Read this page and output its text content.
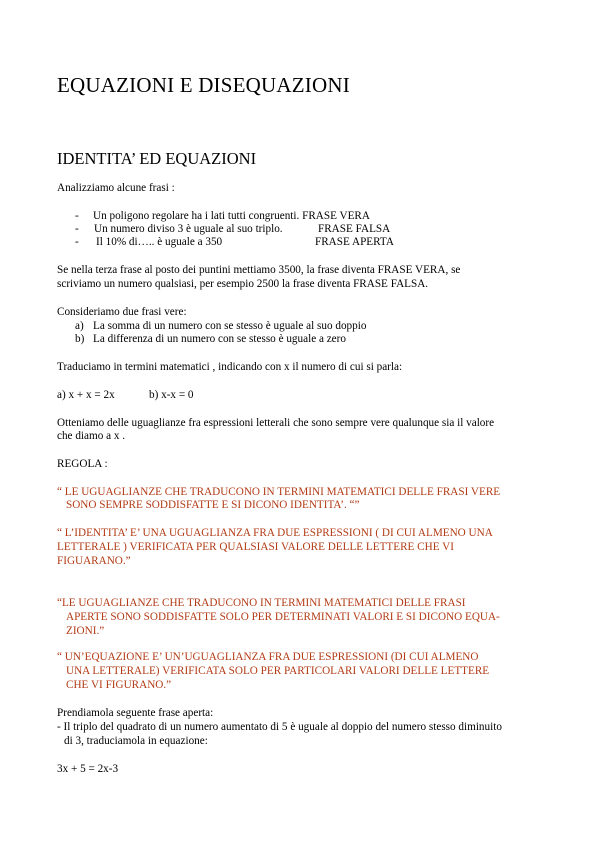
EQUAZIONI E DISEQUAZIONI
IDENTITA’ ED EQUAZIONI
Analizziamo alcune frasi :
- Un poligono regolare ha i lati tutti congruenti. FRASE VERA
- Un numero diviso 3 è uguale al suo triplo.	FRASE FALSA
- Il 10% di….. è uguale a 350	FRASE APERTA
Se nella terza frase al posto dei puntini mettiamo 3500, la frase diventa FRASE VERA, se
scriviamo un numero qualsiasi, per esempio 2500 la frase diventa FRASE FALSA.
Consideriamo due frasi vere:
a) La somma di un numero con se stesso è uguale al suo doppio
b) La differenza di un numero con se stesso è uguale a zero
Traduciamo in termini matematici , indicando con x il numero di cui si parla:
a) x + x = 2x	b) x-x = 0
Otteniamo delle uguaglianze fra espressioni letterali che sono sempre vere qualunque sia il valore
che diamo a x .
REGOLA :
“ LE UGUAGLIANZE CHE TRADUCONO IN TERMINI MATEMATICI DELLE FRASI VERE
SONO SEMPRE SODDISFATTE E SI DICONO IDENTITA’. “”
“ L’IDENTITA’ E’ UNA UGUAGLIANZA FRA DUE ESPRESSIONI ( DI CUI ALMENO UNA
LETTERALE ) VERIFICATA PER QUALSIASI VALORE DELLE LETTERE CHE VI
FIGUARANO.”
“LE UGUAGLIANZE CHE TRADUCONO IN TERMINI MATEMATICI DELLE FRASI
APERTE SONO SODDISFATTE SOLO PER DETERMINATI VALORI E SI DICONO EQUA-
ZIONI.”
“ UN’EQUAZIONE E’ UN’UGUAGLIANZA FRA DUE ESPRESSIONI (DI CUI ALMENO
UNA LETTERALE) VERIFICATA SOLO PER PARTICOLARI VALORI DELLE LETTERE
CHE VI FIGURANO.”
Prendiamola seguente frase aperta:
- Il triplo del quadrato di un numero aumentato di 5 è uguale al doppio del numero stesso diminuito
di 3, traduciamola in equazione:
3x + 5 = 2x-3
